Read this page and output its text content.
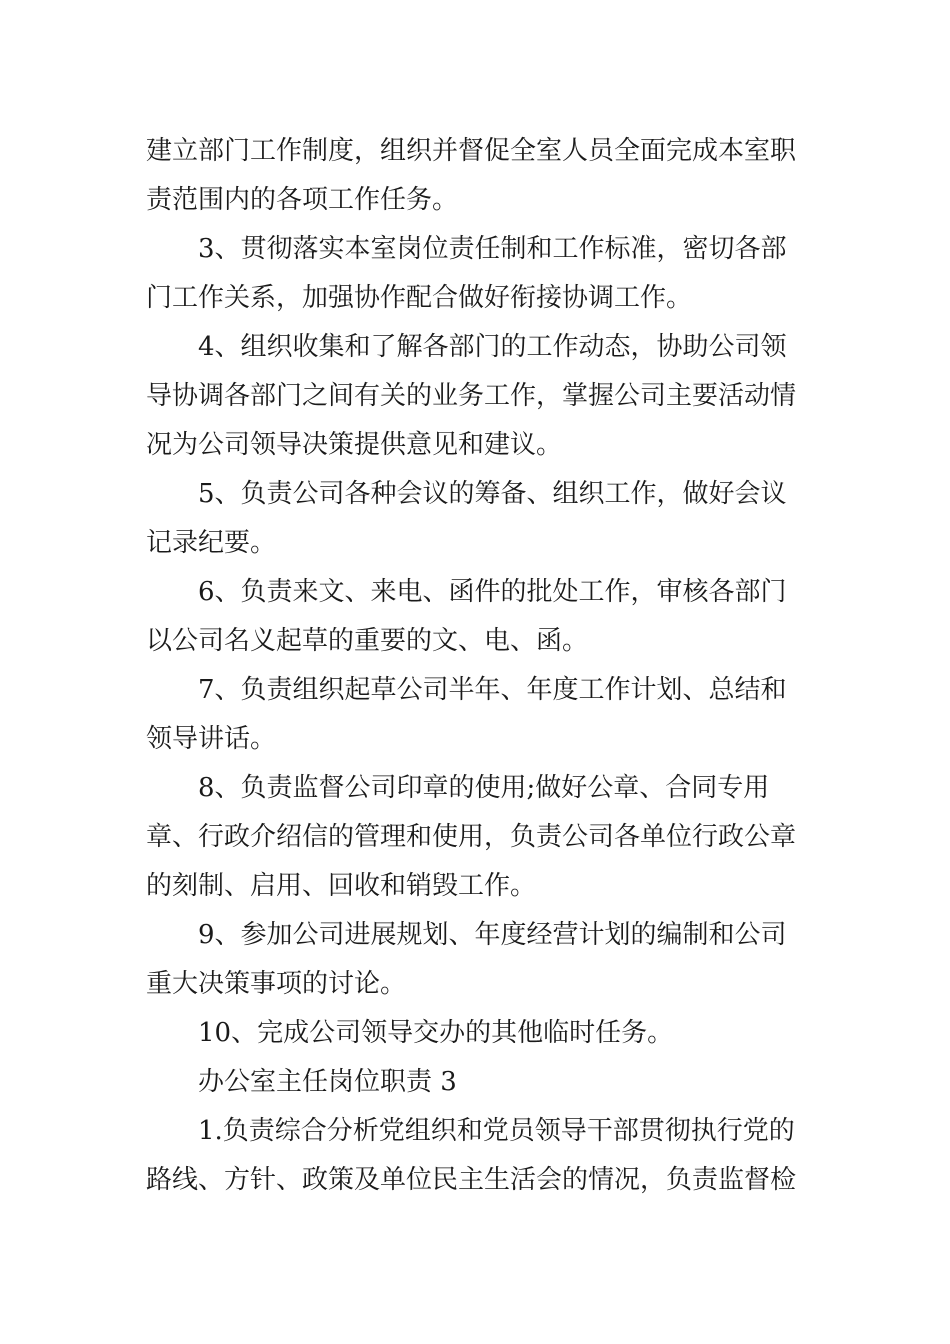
建立部门工作制度，组织并督促全室人员全面完成本室职责范围内的各项工作任务。

3、贯彻落实本室岗位责任制和工作标准，密切各部门工作关系，加强协作配合做好衔接协调工作。

4、组织收集和了解各部门的工作动态，协助公司领导协调各部门之间有关的业务工作，掌握公司主要活动情况为公司领导决策提供意见和建议。

5、负责公司各种会议的筹备、组织工作，做好会议记录纪要。

6、负责来文、来电、函件的批处工作，审核各部门以公司名义起草的重要的文、电、函。

7、负责组织起草公司半年、年度工作计划、总结和领导讲话。

8、负责监督公司印章的使用;做好公章、合同专用章、行政介绍信的管理和使用，负责公司各单位行政公章的刻制、启用、回收和销毁工作。

9、参加公司进展规划、年度经营计划的编制和公司重大决策事项的讨论。

10、完成公司领导交办的其他临时任务。

办公室主任岗位职责 3

1.负责综合分析党组织和党员领导干部贯彻执行党的路线、方针、政策及单位民主生活会的情况，负责监督检
